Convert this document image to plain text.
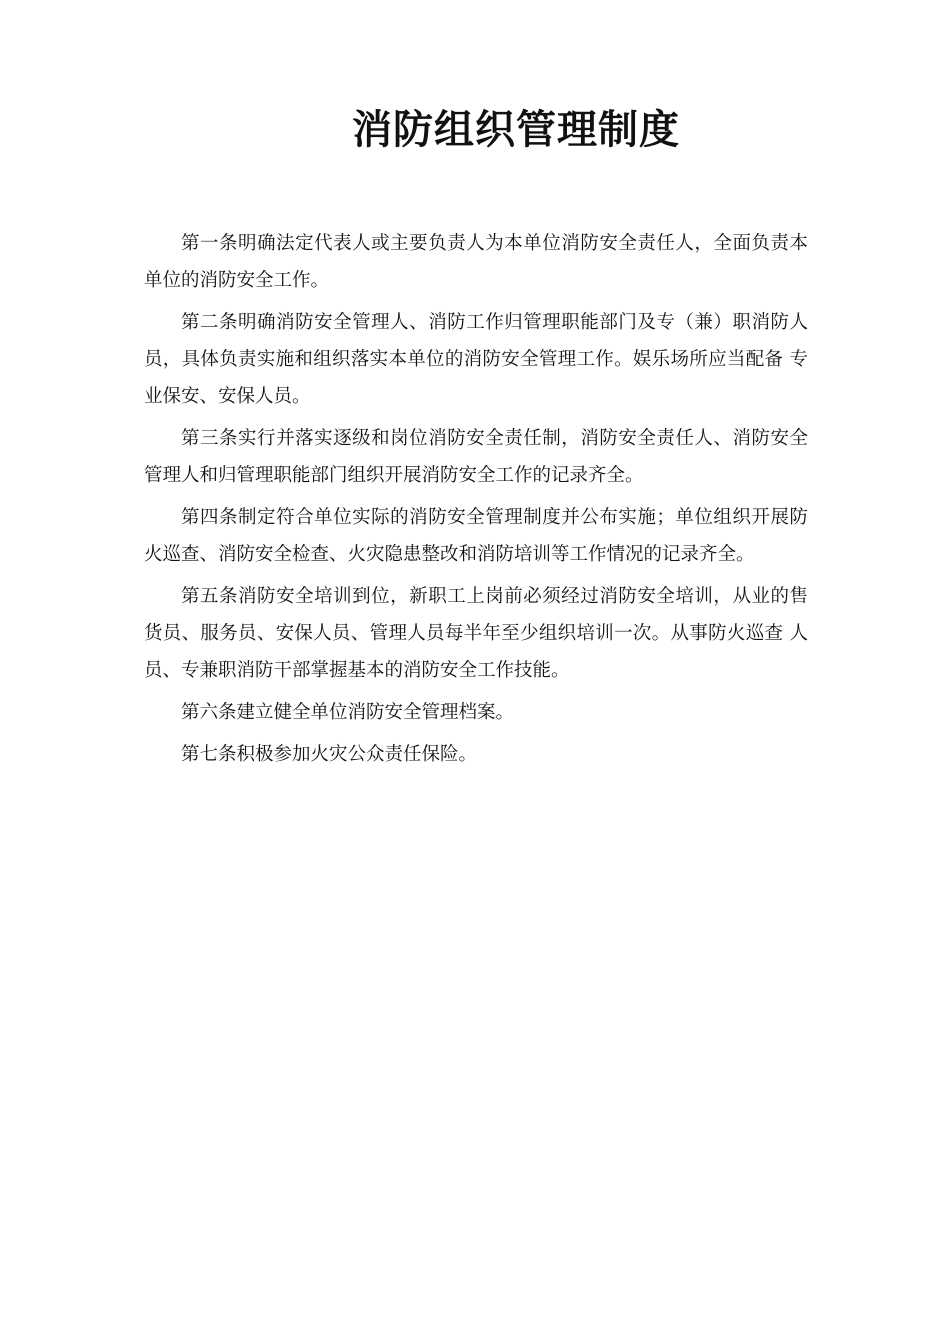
消防组织管理制度

第一条明确法定代表人或主要负责人为本单位消防安全责任人，全面负责本单位的消防安全工作。

第二条明确消防安全管理人、消防工作归管理职能部门及专（兼）职消防人员，具体负责实施和组织落实本单位的消防安全管理工作。娱乐场所应当配备 专业保安、安保人员。

第三条实行并落实逐级和岗位消防安全责任制，消防安全责任人、消防安全管理人和归管理职能部门组织开展消防安全工作的记录齐全。

第四条制定符合单位实际的消防安全管理制度并公布实施；单位组织开展防火巡查、消防安全检查、火灾隐患整改和消防培训等工作情况的记录齐全。

第五条消防安全培训到位，新职工上岗前必须经过消防安全培训，从业的售货员、服务员、安保人员、管理人员每半年至少组织培训一次。从事防火巡查 人员、专兼职消防干部掌握基本的消防安全工作技能。

第六条建立健全单位消防安全管理档案。

第七条积极参加火灾公众责任保险。
